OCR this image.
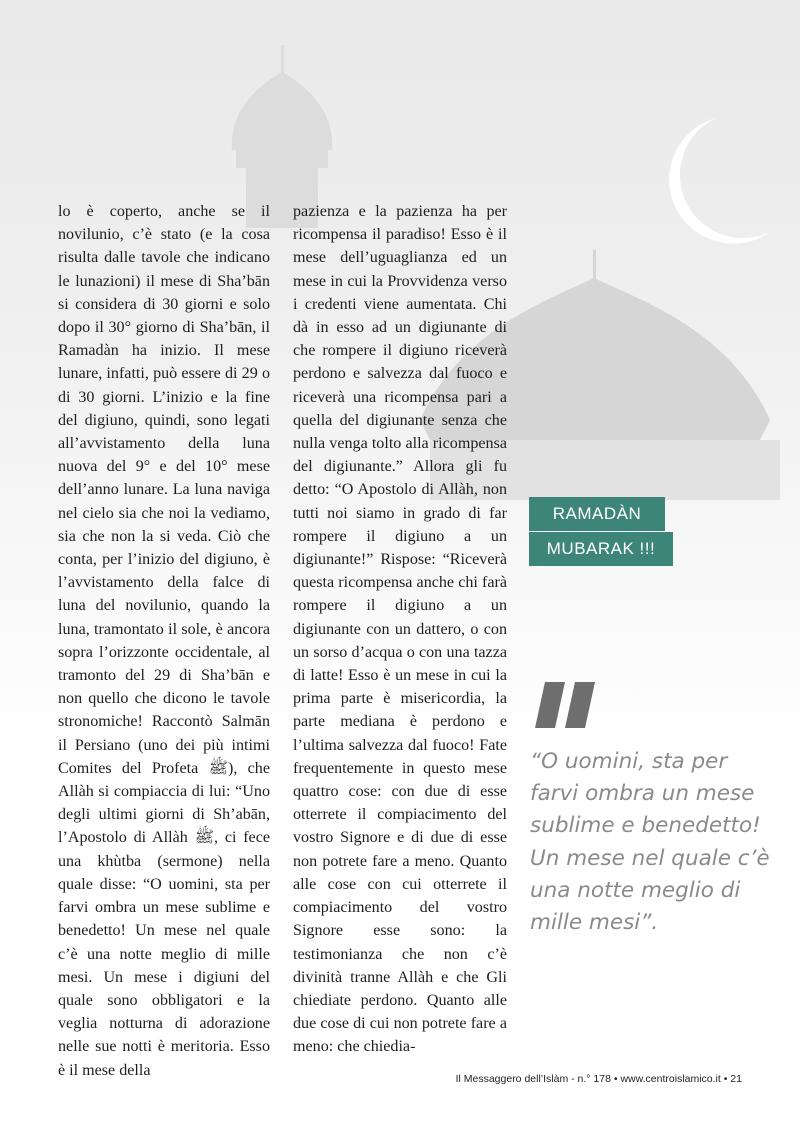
lo è coperto, anche se il novilunio, c’è stato (e la cosa risulta dalle tavole che indicano le lunazioni) il mese di Sha’bān si considera di 30 giorni e solo dopo il 30° giorno di Sha’bān, il Ramadàn ha inizio. Il mese lunare, infatti, può essere di 29 o di 30 giorni. L’inizio e la fine del digiuno, quindi, sono legati all’avvistamento della luna nuova del 9° e del 10° mese dell’anno lunare. La luna naviga nel cielo sia che noi la vediamo, sia che non la si veda. Ciò che conta, per l’inizio del digiuno, è l’avvistamento della falce di luna del novilunio, quando la luna, tramontato il sole, è ancora sopra l’orizzonte occidentale, al tramonto del 29 di Sha’bān e non quello che dicono le tavole stronomiche! Raccontò Salmān il Persiano (uno dei più intimi Comites del Profeta ﷺ), che Allàh si compiaccia di lui: “Uno degli ultimi giorni di Sh’abān, l’Apostolo di Allàh ﷺ, ci fece una khùtba (sermone) nella quale disse: “O uomini, sta per farvi ombra un mese sublime e benedetto! Un mese nel quale c’è una notte meglio di mille mesi. Un mese i digiuni del quale sono obbligatori e la veglia notturna di adorazione nelle sue notti è meritoria. Esso è il mese della

pazienza e la pazienza ha per ricompensa il paradiso! Esso è il mese dell’uguaglianza ed un mese in cui la Provvidenza verso i credenti viene aumentata. Chi dà in esso ad un digiunante di che rompere il digiuno riceverà perdono e salvezza dal fuoco e riceverà una ricompensa pari a quella del digiunante senza che nulla venga tolto alla ricompensa del digiunante.” Allora gli fu detto: “O Apostolo di Allàh, non tutti noi siamo in grado di far rompere il digiuno a un digiunante!” Rispose: “Riceverà questa ricompensa anche chi farà rompere il digiuno a un digiunante con un dattero, o con un sorso d’acqua o con una tazza di latte! Esso è un mese in cui la prima parte è misericordia, la parte mediana è perdono e l’ultima salvezza dal fuoco! Fate frequentemente in questo mese quattro cose: con due di esse otterrete il compiacimento del vostro Signore e di due di esse non potrete fare a meno. Quanto alle cose con cui otterrete il compiacimento del vostro Signore esse sono: la testimonianza che non c’è divinità tranne Allàh e che Gli chiediate perdono. Quanto alle due cose di cui non potrete fare a meno: che chiedia-

RAMADÀN
MUBARAK !!!
“O uomini, sta per farvi ombra un mese sublime e benedetto! Un mese nel quale c’è una notte meglio di mille mesi”.
Il Messaggero dell’Islàm - n.° 178 • www.centroislamico.it • 21
